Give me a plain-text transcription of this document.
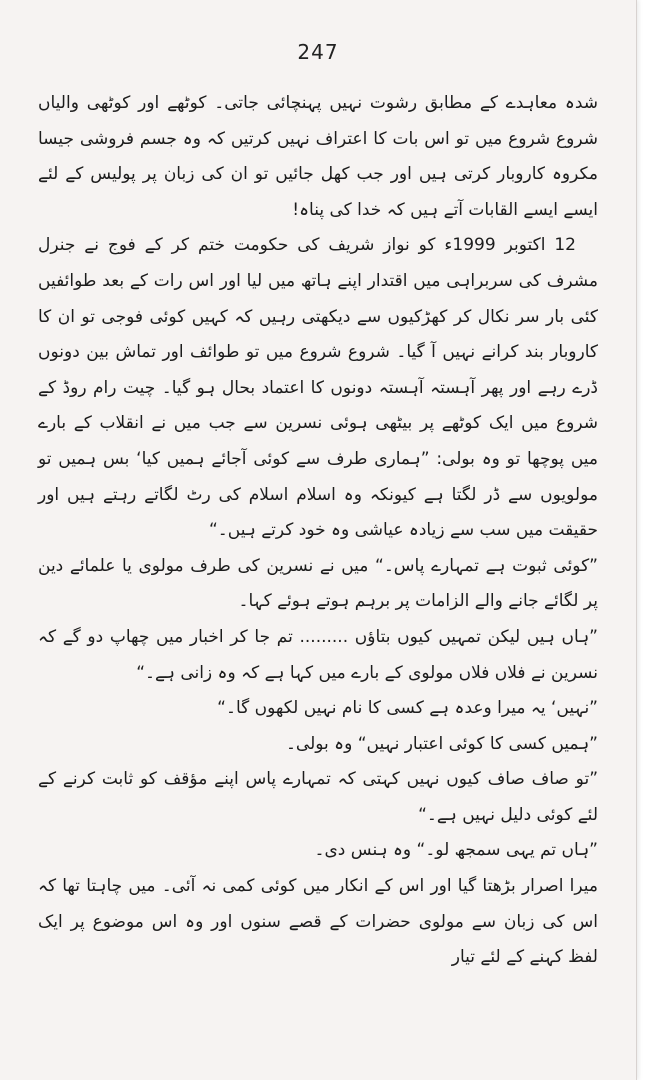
247

شدہ معاہدے کے مطابق رشوت نہیں پہنچائی جاتی۔ کوٹھے اور کوٹھی والیاں شروع شروع میں تو اس بات کا اعتراف نہیں کرتیں کہ وہ جسم فروشی جیسا مکروہ کاروبار کرتی ہیں اور جب کھل جائیں تو ان کی زبان پر پولیس کے لئے ایسے ایسے القابات آتے ہیں کہ خدا کی پناہ!

12 اکتوبر 1999ء کو نواز شریف کی حکومت ختم کر کے فوج نے جنرل مشرف کی سربراہی میں اقتدار اپنے ہاتھ میں لیا اور اس رات کے بعد طوائفیں کئی بار سر نکال کر کھڑکیوں سے دیکھتی رہیں کہ کہیں کوئی فوجی تو ان کا کاروبار بند کرانے نہیں آ گیا۔ شروع شروع میں تو طوائف اور تماش بین دونوں ڈرے رہے اور پھر آہستہ آہستہ دونوں کا اعتماد بحال ہو گیا۔ چیت رام روڈ کے شروع میں ایک کوٹھے پر بیٹھی ہوئی نسرین سے جب میں نے انقلاب کے بارے میں پوچھا تو وہ بولی: ”ہماری طرف سے کوئی آجائے ہمیں کیا‘ بس ہمیں تو مولویوں سے ڈر لگتا ہے کیونکہ وہ اسلام اسلام کی رٹ لگاتے رہتے ہیں اور حقیقت میں سب سے زیادہ عیاشی وہ خود کرتے ہیں۔“

”کوئی ثبوت ہے تمہارے پاس۔“ میں نے نسرین کی طرف مولوی یا علمائے دین پر لگائے جانے والے الزامات پر برہم ہوتے ہوئے کہا۔

”ہاں ہیں لیکن تمہیں کیوں بتاؤں ......... تم جا کر اخبار میں چھاپ دو گے کہ نسرین نے فلاں فلاں مولوی کے بارے میں کہا ہے کہ وہ زانی ہے۔“

”نہیں‘ یہ میرا وعدہ ہے کسی کا نام نہیں لکھوں گا۔“

”ہمیں کسی کا کوئی اعتبار نہیں“ وہ بولی۔

”تو صاف صاف کیوں نہیں کہتی کہ تمہارے پاس اپنے مؤقف کو ثابت کرنے کے لئے کوئی دلیل نہیں ہے۔“

”ہاں تم یہی سمجھ لو۔“ وہ ہنس دی۔

میرا اصرار بڑھتا گیا اور اس کے انکار میں کوئی کمی نہ آئی۔ میں چاہتا تھا کہ اس کی زبان سے مولوی حضرات کے قصے سنوں اور وہ اس موضوع پر ایک لفظ کہنے کے لئے تیار
